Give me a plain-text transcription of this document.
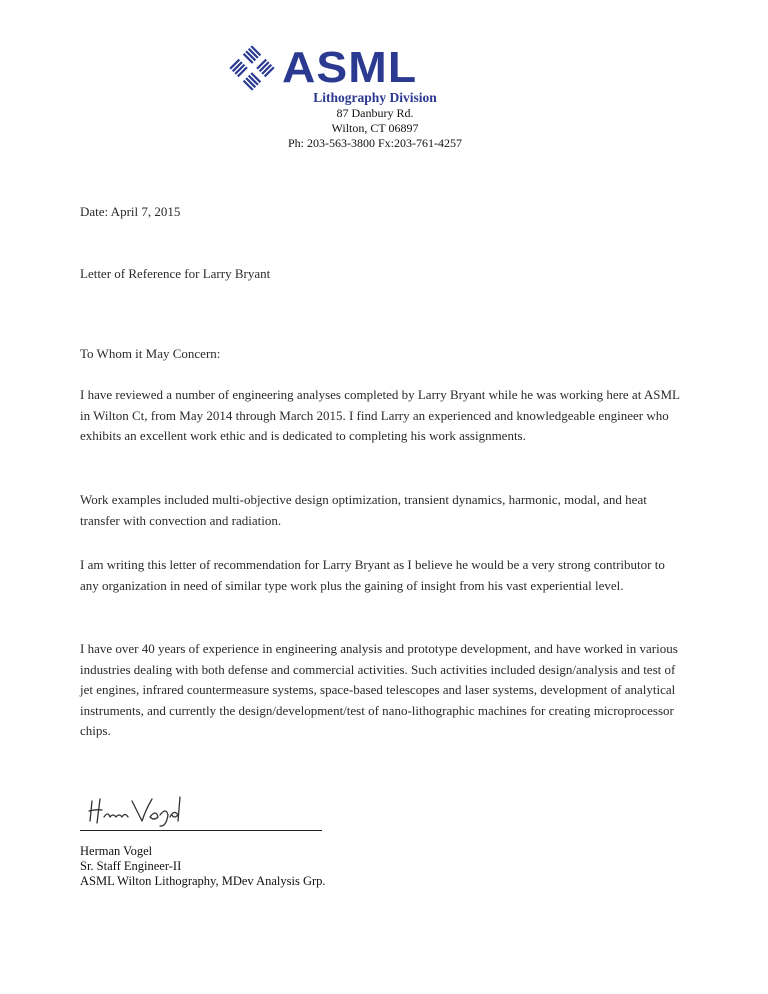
ASML
Lithography Division
87 Danbury Rd.
Wilton, CT 06897
Ph: 203-563-3800 Fx:203-761-4257
Date: April 7, 2015
Letter of Reference for Larry Bryant
To Whom it May Concern:
I have reviewed a number of engineering analyses completed by Larry Bryant while he was working here at ASML in Wilton Ct, from May 2014 through March 2015. I find Larry an experienced and knowledgeable engineer who exhibits an excellent work ethic and is dedicated to completing his work assignments.
Work examples included multi-objective design optimization, transient dynamics, harmonic, modal, and heat transfer with convection and radiation.
I am writing this letter of recommendation for Larry Bryant as I believe he would be a very strong contributor to any organization in need of similar type work plus the gaining of insight from his vast experiential level.
I have over 40 years of experience in engineering analysis and prototype development, and have worked in various industries dealing with both defense and commercial activities. Such activities included design/analysis and test of jet engines, infrared countermeasure systems, space-based telescopes and laser systems, development of analytical instruments, and currently the design/development/test of nano-lithographic machines for creating microprocessor chips.
Herman Vogel
Sr. Staff Engineer-II
ASML Wilton Lithography, MDev Analysis Grp.
